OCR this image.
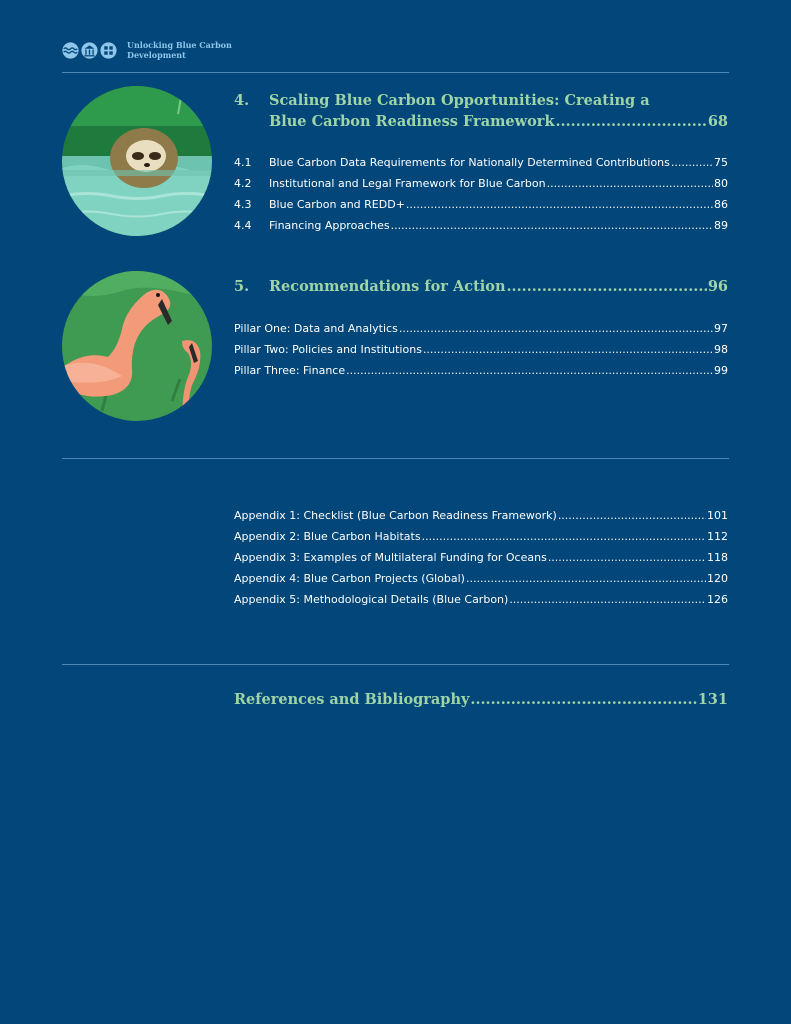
Unlocking Blue Carbon
Development
4. Scaling Blue Carbon Opportunities: Creating a
Blue Carbon Readiness Framework .....	68
4.1	Blue Carbon Data Requirements for Nationally Determined Contributions .....	75
4.2	Institutional and Legal Framework for Blue Carbon .....	80
4.3	Blue Carbon and REDD+ .....	86
4.4	Financing Approaches .....	89
5. Recommendations for Action .....	96
Pillar One: Data and Analytics .....	97
Pillar Two: Policies and Institutions .....	98
Pillar Three: Finance .....	99
Appendix 1: Checklist (Blue Carbon Readiness Framework) .....	101
Appendix 2: Blue Carbon Habitats .....	112
Appendix 3: Examples of Multilateral Funding for Oceans .....	118
Appendix 4: Blue Carbon Projects (Global) .....	120
Appendix 5: Methodological Details (Blue Carbon) .....	126
References and Bibliography .....	131
